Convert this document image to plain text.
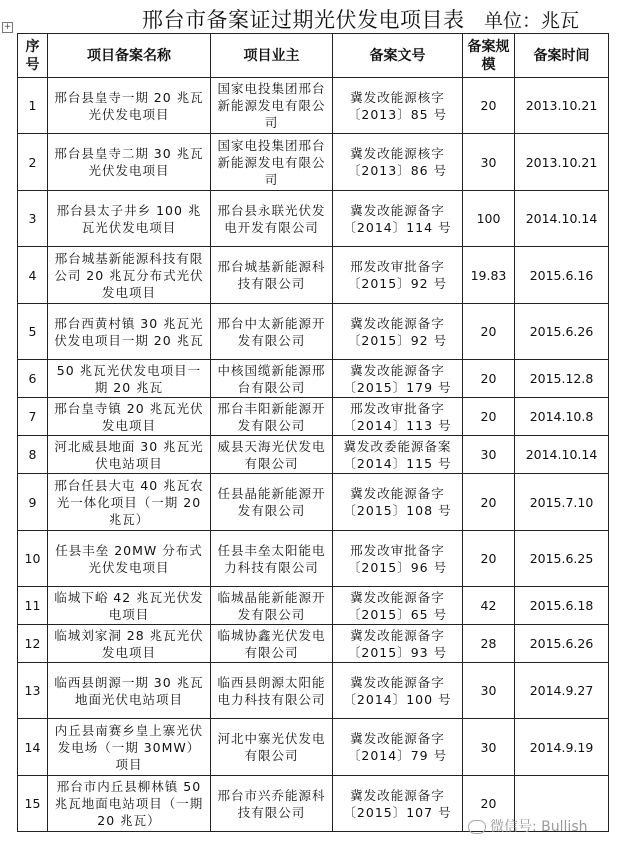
+	邢台市备案证过期光伏发电项目表 单位：兆瓦
序号	项目备案名称	项目业主	备案文号	备案规模	备案时间
1	邢台县皇寺一期 20 兆瓦光伏发电项目	国家电投集团邢台新能源发电有限公司	冀发改能源核字〔2013〕85 号	20	2013.10.21
2	邢台县皇寺二期 30 兆瓦光伏发电项目	国家电投集团邢台新能源发电有限公司	冀发改能源核字〔2013〕86 号	30	2013.10.21
3	邢台县太子井乡 100 兆瓦光伏发电项目	邢台县永联光伏发电开发有限公司	冀发改能源备字〔2014〕114 号	100	2014.10.14
4	邢台城基新能源科技有限公司 20 兆瓦分布式光伏发电项目	邢台城基新能源科技有限公司	邢发改审批备字〔2015〕92 号	19.83	2015.6.16
5	邢台西黄村镇 30 兆瓦光伏发电项目一期 20 兆瓦	邢台中太新能源开发有限公司	冀发改能源备字〔2015〕92 号	20	2015.6.26
6	50 兆瓦光伏发电项目一期 20 兆瓦	中核国缆新能源邢台有限公司	冀发改能源备字〔2015〕179 号	20	2015.12.8
7	邢台皇寺镇 20 兆瓦光伏发电项目	邢台丰阳新能源开发有限公司	邢发改审批备字〔2014〕113 号	20	2014.10.8
8	河北威县地面 30 兆瓦光伏电站项目	威县天海光伏发电有限公司	冀发改委能源备案〔2014〕115 号	30	2014.10.14
9	邢台任县大屯 40 兆瓦农光一体化项目（一期 20 兆瓦）	任县晶能新能源开发有限公司	冀发改能源备字〔2015〕108 号	20	2015.7.10
10	任县丰垒 20MW 分布式光伏发电项目	任县丰垒太阳能电力科技有限公司	邢发改审批备字〔2015〕96 号	20	2015.6.25
11	临城下峪 42 兆瓦光伏发电项目	临城晶能新能源开发有限公司	冀发改能源备字〔2015〕65 号	42	2015.6.18
12	临城刘家洞 28 兆瓦光伏发电项目	临城协鑫光伏发电有限公司	冀发改能源备字〔2015〕93 号	28	2015.6.26
13	临西县朗源一期 30 兆瓦地面光伏电站项目	临西县朗源太阳能电力科技有限公司	冀发改能源备字〔2014〕100 号	30	2014.9.27
14	内丘县南赛乡皇上寨光伏发电场（一期 30MW）项目	河北中寨光伏发电有限公司	冀发改能源备字〔2014〕79 号	30	2014.9.19
15	邢台市内丘县柳林镇 50 兆瓦地面电站项目（一期 20 兆瓦）	邢台市兴乔能源科技有限公司	冀发改能源备字〔2015〕107 号	20	
微信号: Bullish
